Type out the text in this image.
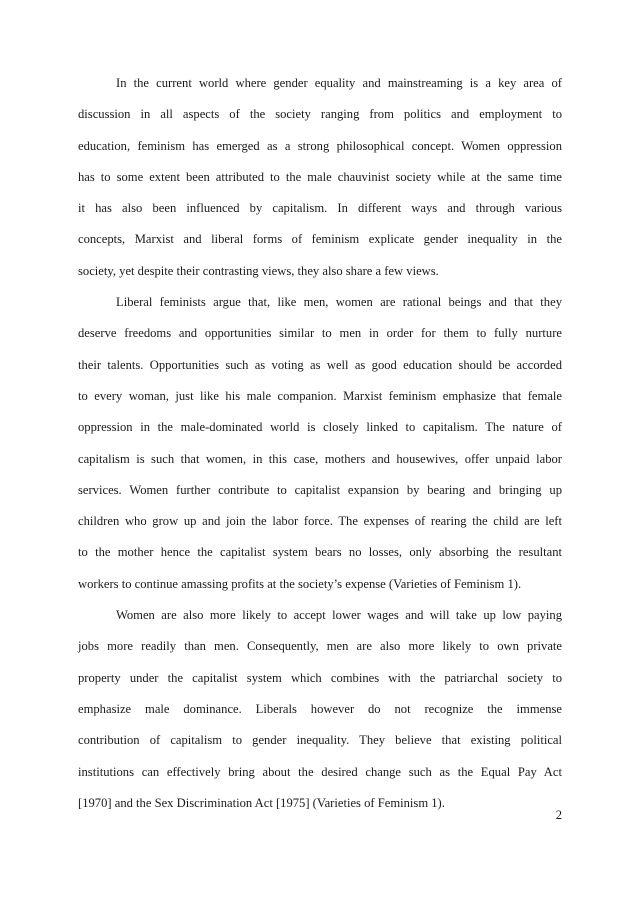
In the current world where gender equality and mainstreaming is a key area of
discussion in all aspects of the society ranging from politics and employment to
education, feminism has emerged as a strong philosophical concept. Women oppression
has to some extent been attributed to the male chauvinist society while at the same time
it has also been influenced by capitalism. In different ways and through various
concepts, Marxist and liberal forms of feminism explicate gender inequality in the
society, yet despite their contrasting views, they also share a few views.
Liberal feminists argue that, like men, women are rational beings and that they
deserve freedoms and opportunities similar to men in order for them to fully nurture
their talents. Opportunities such as voting as well as good education should be accorded
to every woman, just like his male companion. Marxist feminism emphasize that female
oppression in the male-dominated world is closely linked to capitalism. The nature of
capitalism is such that women, in this case, mothers and housewives, offer unpaid labor
services. Women further contribute to capitalist expansion by bearing and bringing up
children who grow up and join the labor force. The expenses of rearing the child are left
to the mother hence the capitalist system bears no losses, only absorbing the resultant
workers to continue amassing profits at the society’s expense (Varieties of Feminism 1).
Women are also more likely to accept lower wages and will take up low paying
jobs more readily than men. Consequently, men are also more likely to own private
property under the capitalist system which combines with the patriarchal society to
emphasize male dominance. Liberals however do not recognize the immense
contribution of capitalism to gender inequality. They believe that existing political
institutions can effectively bring about the desired change such as the Equal Pay Act
[1970] and the Sex Discrimination Act [1975] (Varieties of Feminism 1).
2
